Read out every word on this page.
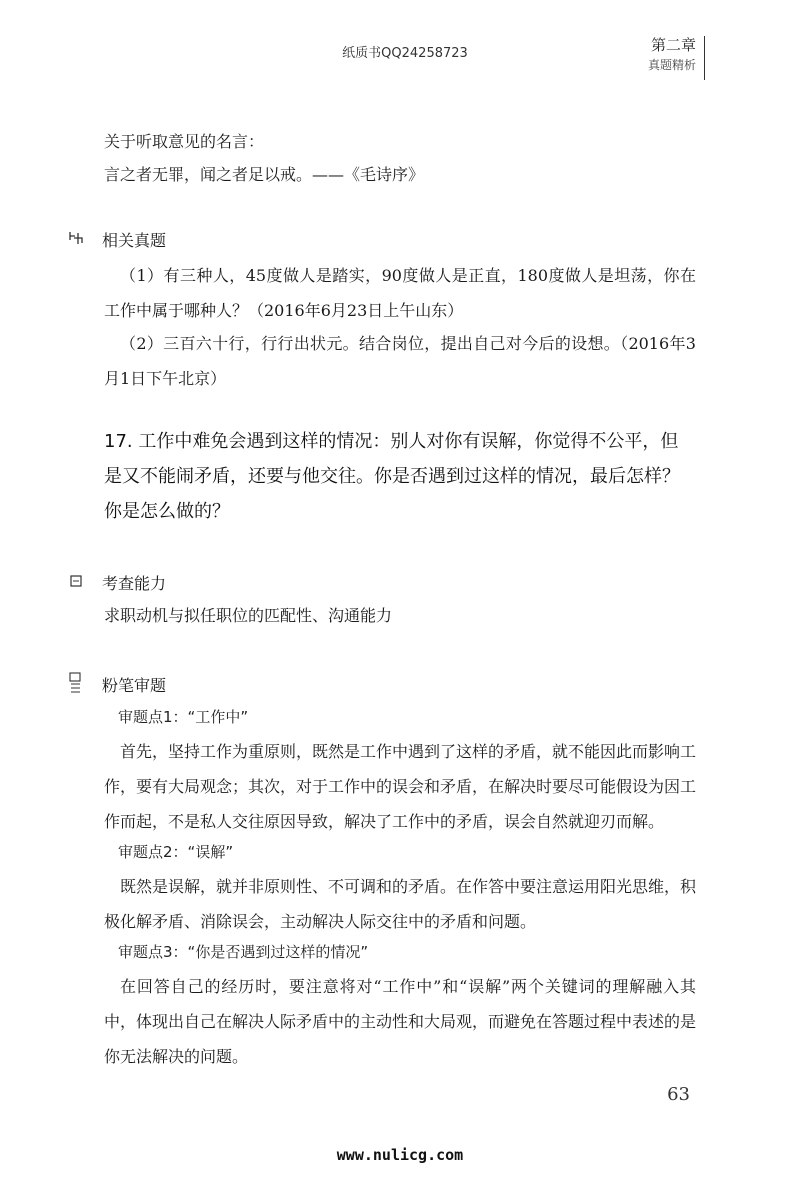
纸质书QQ24258723	第二章
真题精析
关于听取意见的名言：
言之者无罪，闻之者足以戒。——《毛诗序》
相关真题
（1）有三种人，45度做人是踏实，90度做人是正直，180度做人是坦荡，你在工作中属于哪种人？（2016年6月23日上午山东）
（2）三百六十行，行行出状元。结合岗位，提出自己对今后的设想。（2016年3月1日下午北京）
17. 工作中难免会遇到这样的情况：别人对你有误解，你觉得不公平，但是又不能闹矛盾，还要与他交往。你是否遇到过这样的情况，最后怎样？你是怎么做的？
考查能力
求职动机与拟任职位的匹配性、沟通能力
粉笔审题
审题点1：“工作中”
首先，坚持工作为重原则，既然是工作中遇到了这样的矛盾，就不能因此而影响工作，要有大局观念；其次，对于工作中的误会和矛盾，在解决时要尽可能假设为因工作而起，不是私人交往原因导致，解决了工作中的矛盾，误会自然就迎刃而解。
审题点2：“误解”
既然是误解，就并非原则性、不可调和的矛盾。在作答中要注意运用阳光思维，积极化解矛盾、消除误会，主动解决人际交往中的矛盾和问题。
审题点3：“你是否遇到过这样的情况”
在回答自己的经历时，要注意将对“工作中”和“误解”两个关键词的理解融入其中，体现出自己在解决人际矛盾中的主动性和大局观，而避免在答题过程中表述的是你无法解决的问题。
63
www.nulicg.com
